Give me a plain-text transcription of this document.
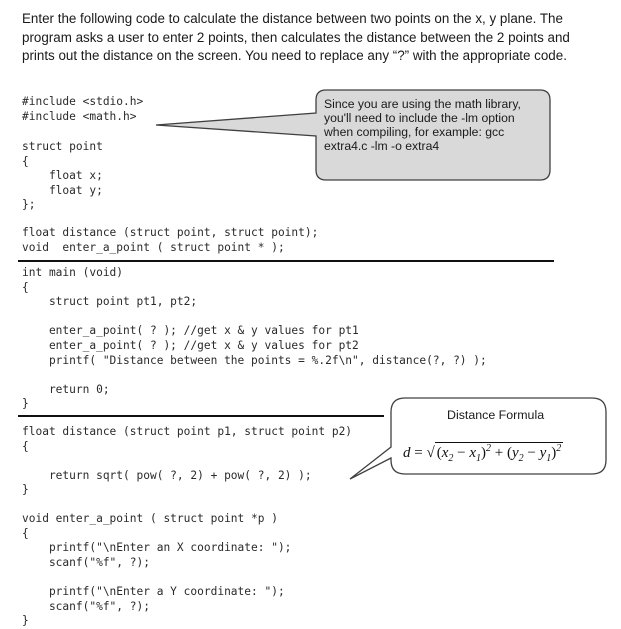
Enter the following code to calculate the distance between two points on the x, y plane. The program asks a user to enter 2 points, then calculates the distance between the 2 points and prints out the distance on the screen. You need to replace any “?” with the appropriate code.

#include <stdio.h>
#include <math.h>
struct point
{
float x;
float y;
};
float distance (struct point, struct point);
void  enter_a_point ( struct point * );
int main (void)
{
struct point pt1, pt2;

enter_a_point( ? ); //get x & y values for pt1
enter_a_point( ? ); //get x & y values for pt2
printf( "Distance between the points = %.2f\n", distance(?, ?) );

return 0;
}
float distance (struct point p1, struct point p2)
{

return sqrt( pow( ?, 2) + pow( ?, 2) );
}
void enter_a_point ( struct point *p )
{
printf("\nEnter an X coordinate: ");
scanf("%f", ?);

printf("\nEnter a Y coordinate: ");
scanf("%f", ?);
}
Since you are using the math library, you'll need to include the -lm option when compiling, for example: gcc extra4.c -lm -o extra4
Distance Formula
d = √ $(x_2 - x_1)^2 + (y_2 - y_1)^2$
